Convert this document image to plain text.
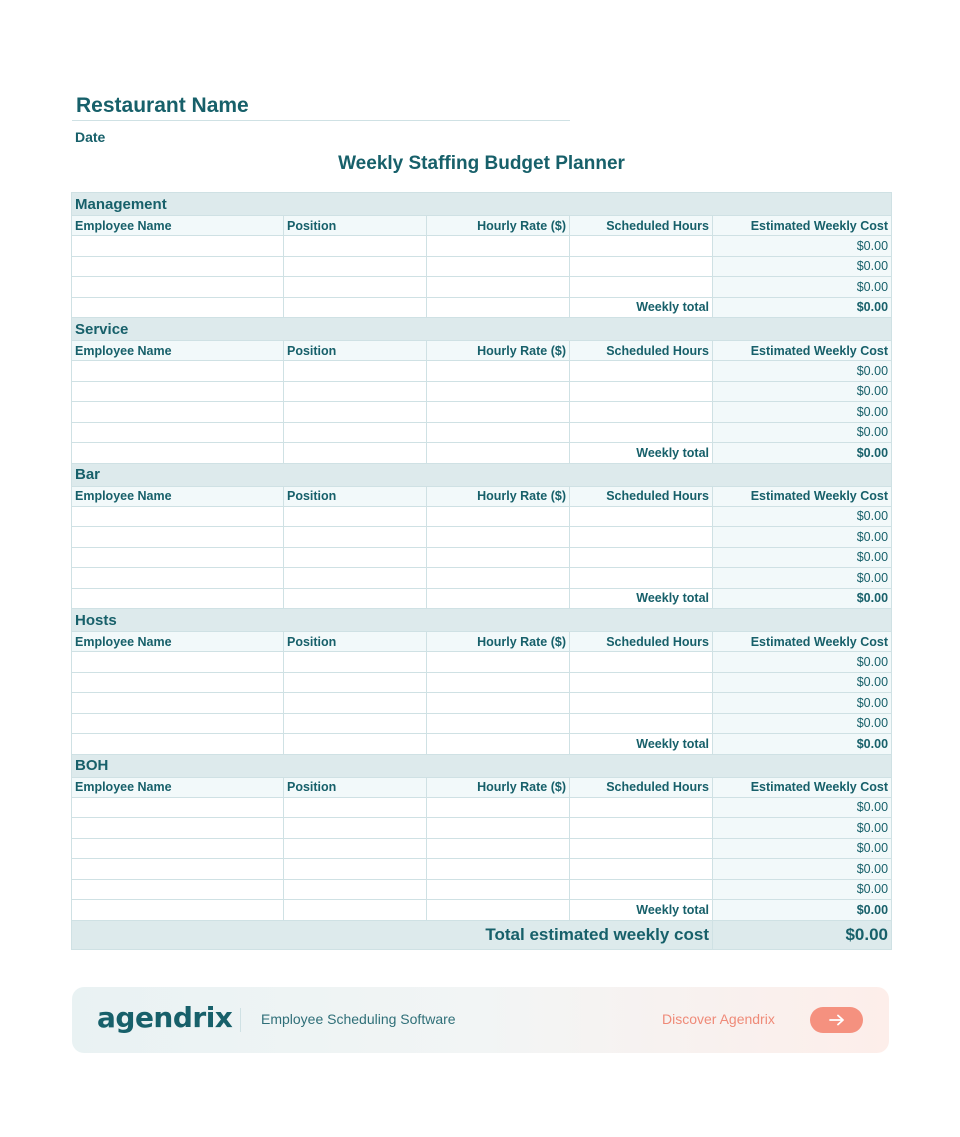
Restaurant Name
Date
Weekly Staffing Budget Planner
Management				
Employee Name	Position	Hourly Rate ($)	Scheduled Hours	Estimated Weekly Cost
				$0.00
				$0.00
				$0.00
			Weekly total	$0.00
Service				
Employee Name	Position	Hourly Rate ($)	Scheduled Hours	Estimated Weekly Cost
				$0.00
				$0.00
				$0.00
				$0.00
			Weekly total	$0.00
Bar				
Employee Name	Position	Hourly Rate ($)	Scheduled Hours	Estimated Weekly Cost
				$0.00
				$0.00
				$0.00
				$0.00
			Weekly total	$0.00
Hosts				
Employee Name	Position	Hourly Rate ($)	Scheduled Hours	Estimated Weekly Cost
				$0.00
				$0.00
				$0.00
				$0.00
			Weekly total	$0.00
BOH				
Employee Name	Position	Hourly Rate ($)	Scheduled Hours	Estimated Weekly Cost
				$0.00
				$0.00
				$0.00
				$0.00
				$0.00
			Weekly total	$0.00
Total estimated weekly cost				$0.00
agendrix Employee Scheduling Software	Discover Agendrix
